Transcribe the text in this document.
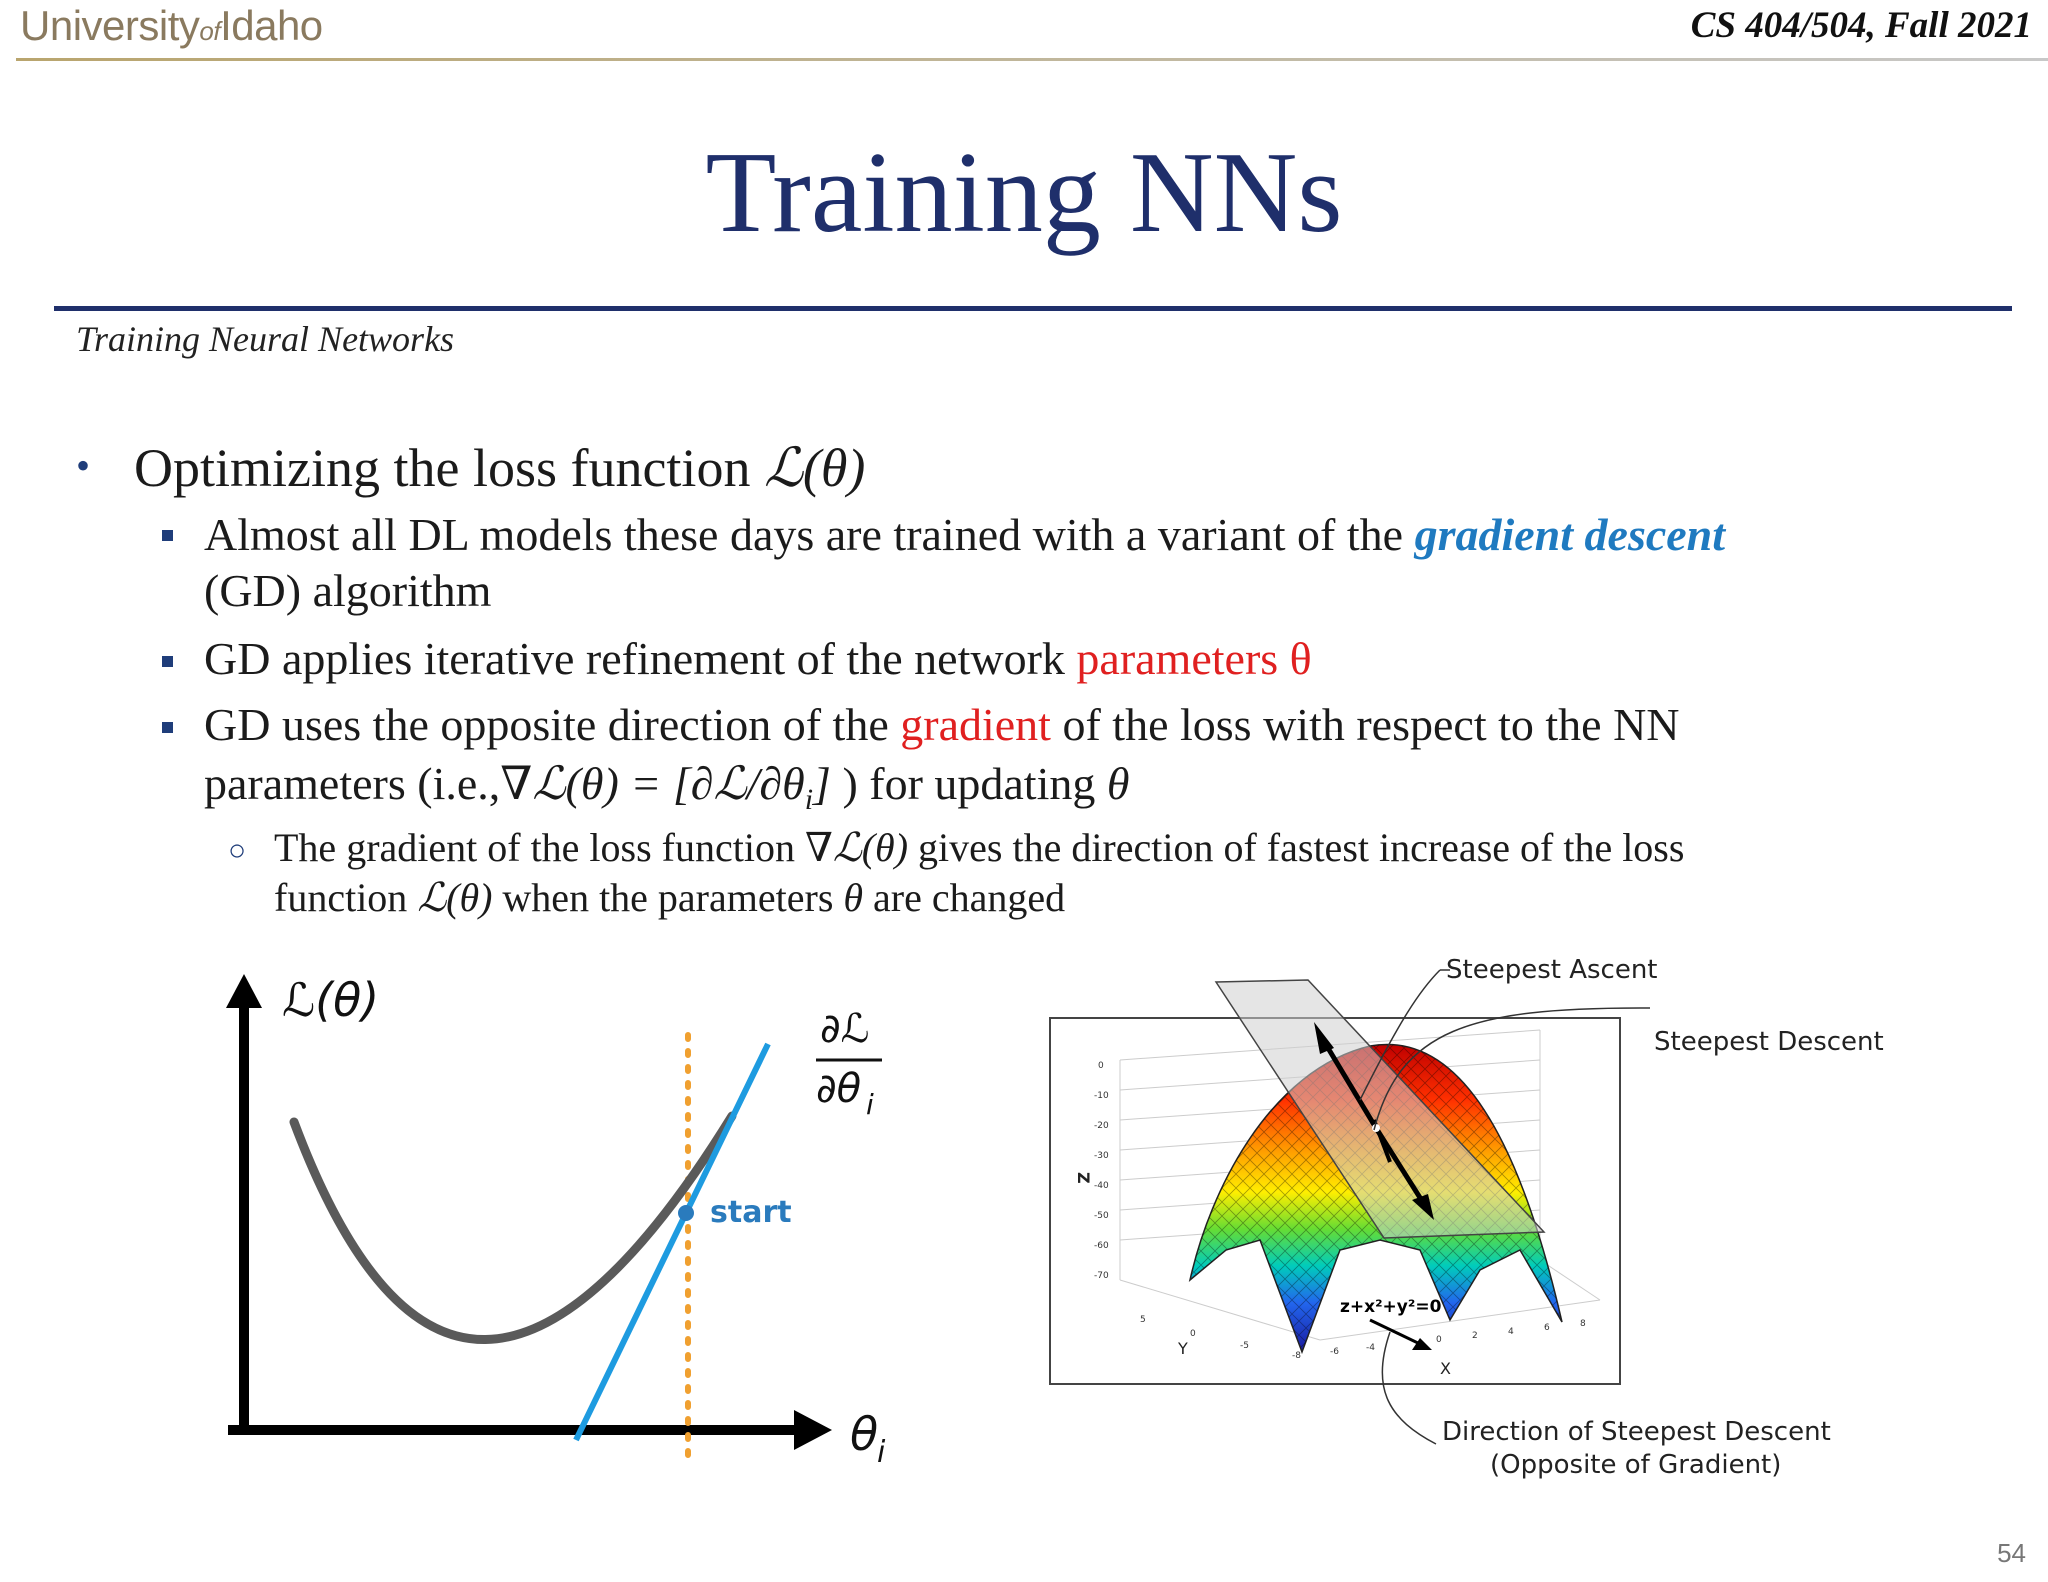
UniversityofIdaho	CS 404/504, Fall 2021
Training NNs
Training Neural Networks
• Optimizing the loss function ℒ(θ)
Almost all DL models these days are trained with a variant of the gradient descent
(GD) algorithm
GD applies iterative refinement of the network parameters θ
GD uses the opposite direction of the gradient of the loss with respect to the NN
parameters (i.e.,∇ℒ(θ) = $[\partial ℒ/\partial\theta_i]$ ) for updating θ
○ The gradient of the loss function ∇ℒ(θ) gives the direction of fastest increase of the loss
function ℒ(θ) when the parameters θ are changed
start
ℒ(θ)
θ
i
∂ℒ
∂θ i
0
-10
-20
-30
-40
-50
-60
-70
Z
-8	-6	-4
0	2	4	6	8
X
5
0
-5
Y
z+x²+y²=0
Steepest Ascent
Steepest Descent
Direction of Steepest Descent
(Opposite of Gradient)
54
